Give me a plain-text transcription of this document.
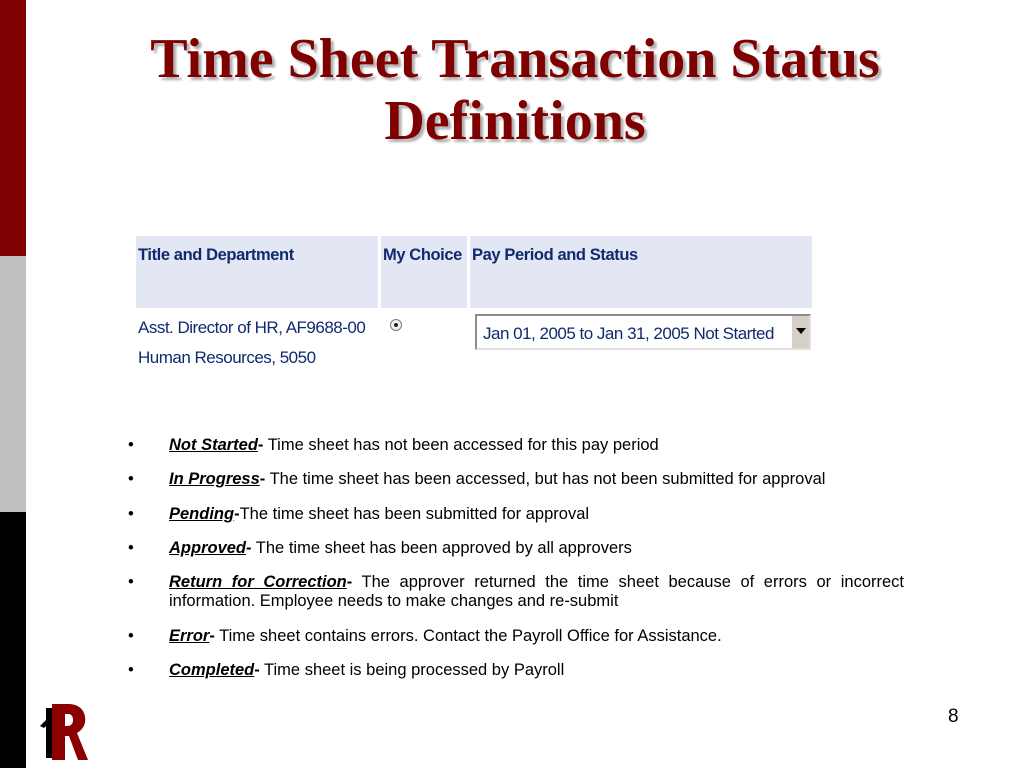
Time Sheet Transaction Status Definitions
Title and Department	My Choice Pay Period and Status
Asst. Director of HR, AF9688-00
Human Resources, 5050
Jan 01, 2005 to Jan 31, 2005 Not Started
• Not Started- Time sheet has not been accessed for this pay period
• In Progress- The time sheet has been accessed, but has not been submitted for approval
• Pending-The time sheet has been submitted for approval
• Approved- The time sheet has been approved by all approvers
• Return for Correction- The approver returned the time sheet because of errors or incorrect information. Employee needs to make changes and re-submit
• Error- Time sheet contains errors. Contact the Payroll Office for Assistance.
• Completed- Time sheet is being processed by Payroll
8
